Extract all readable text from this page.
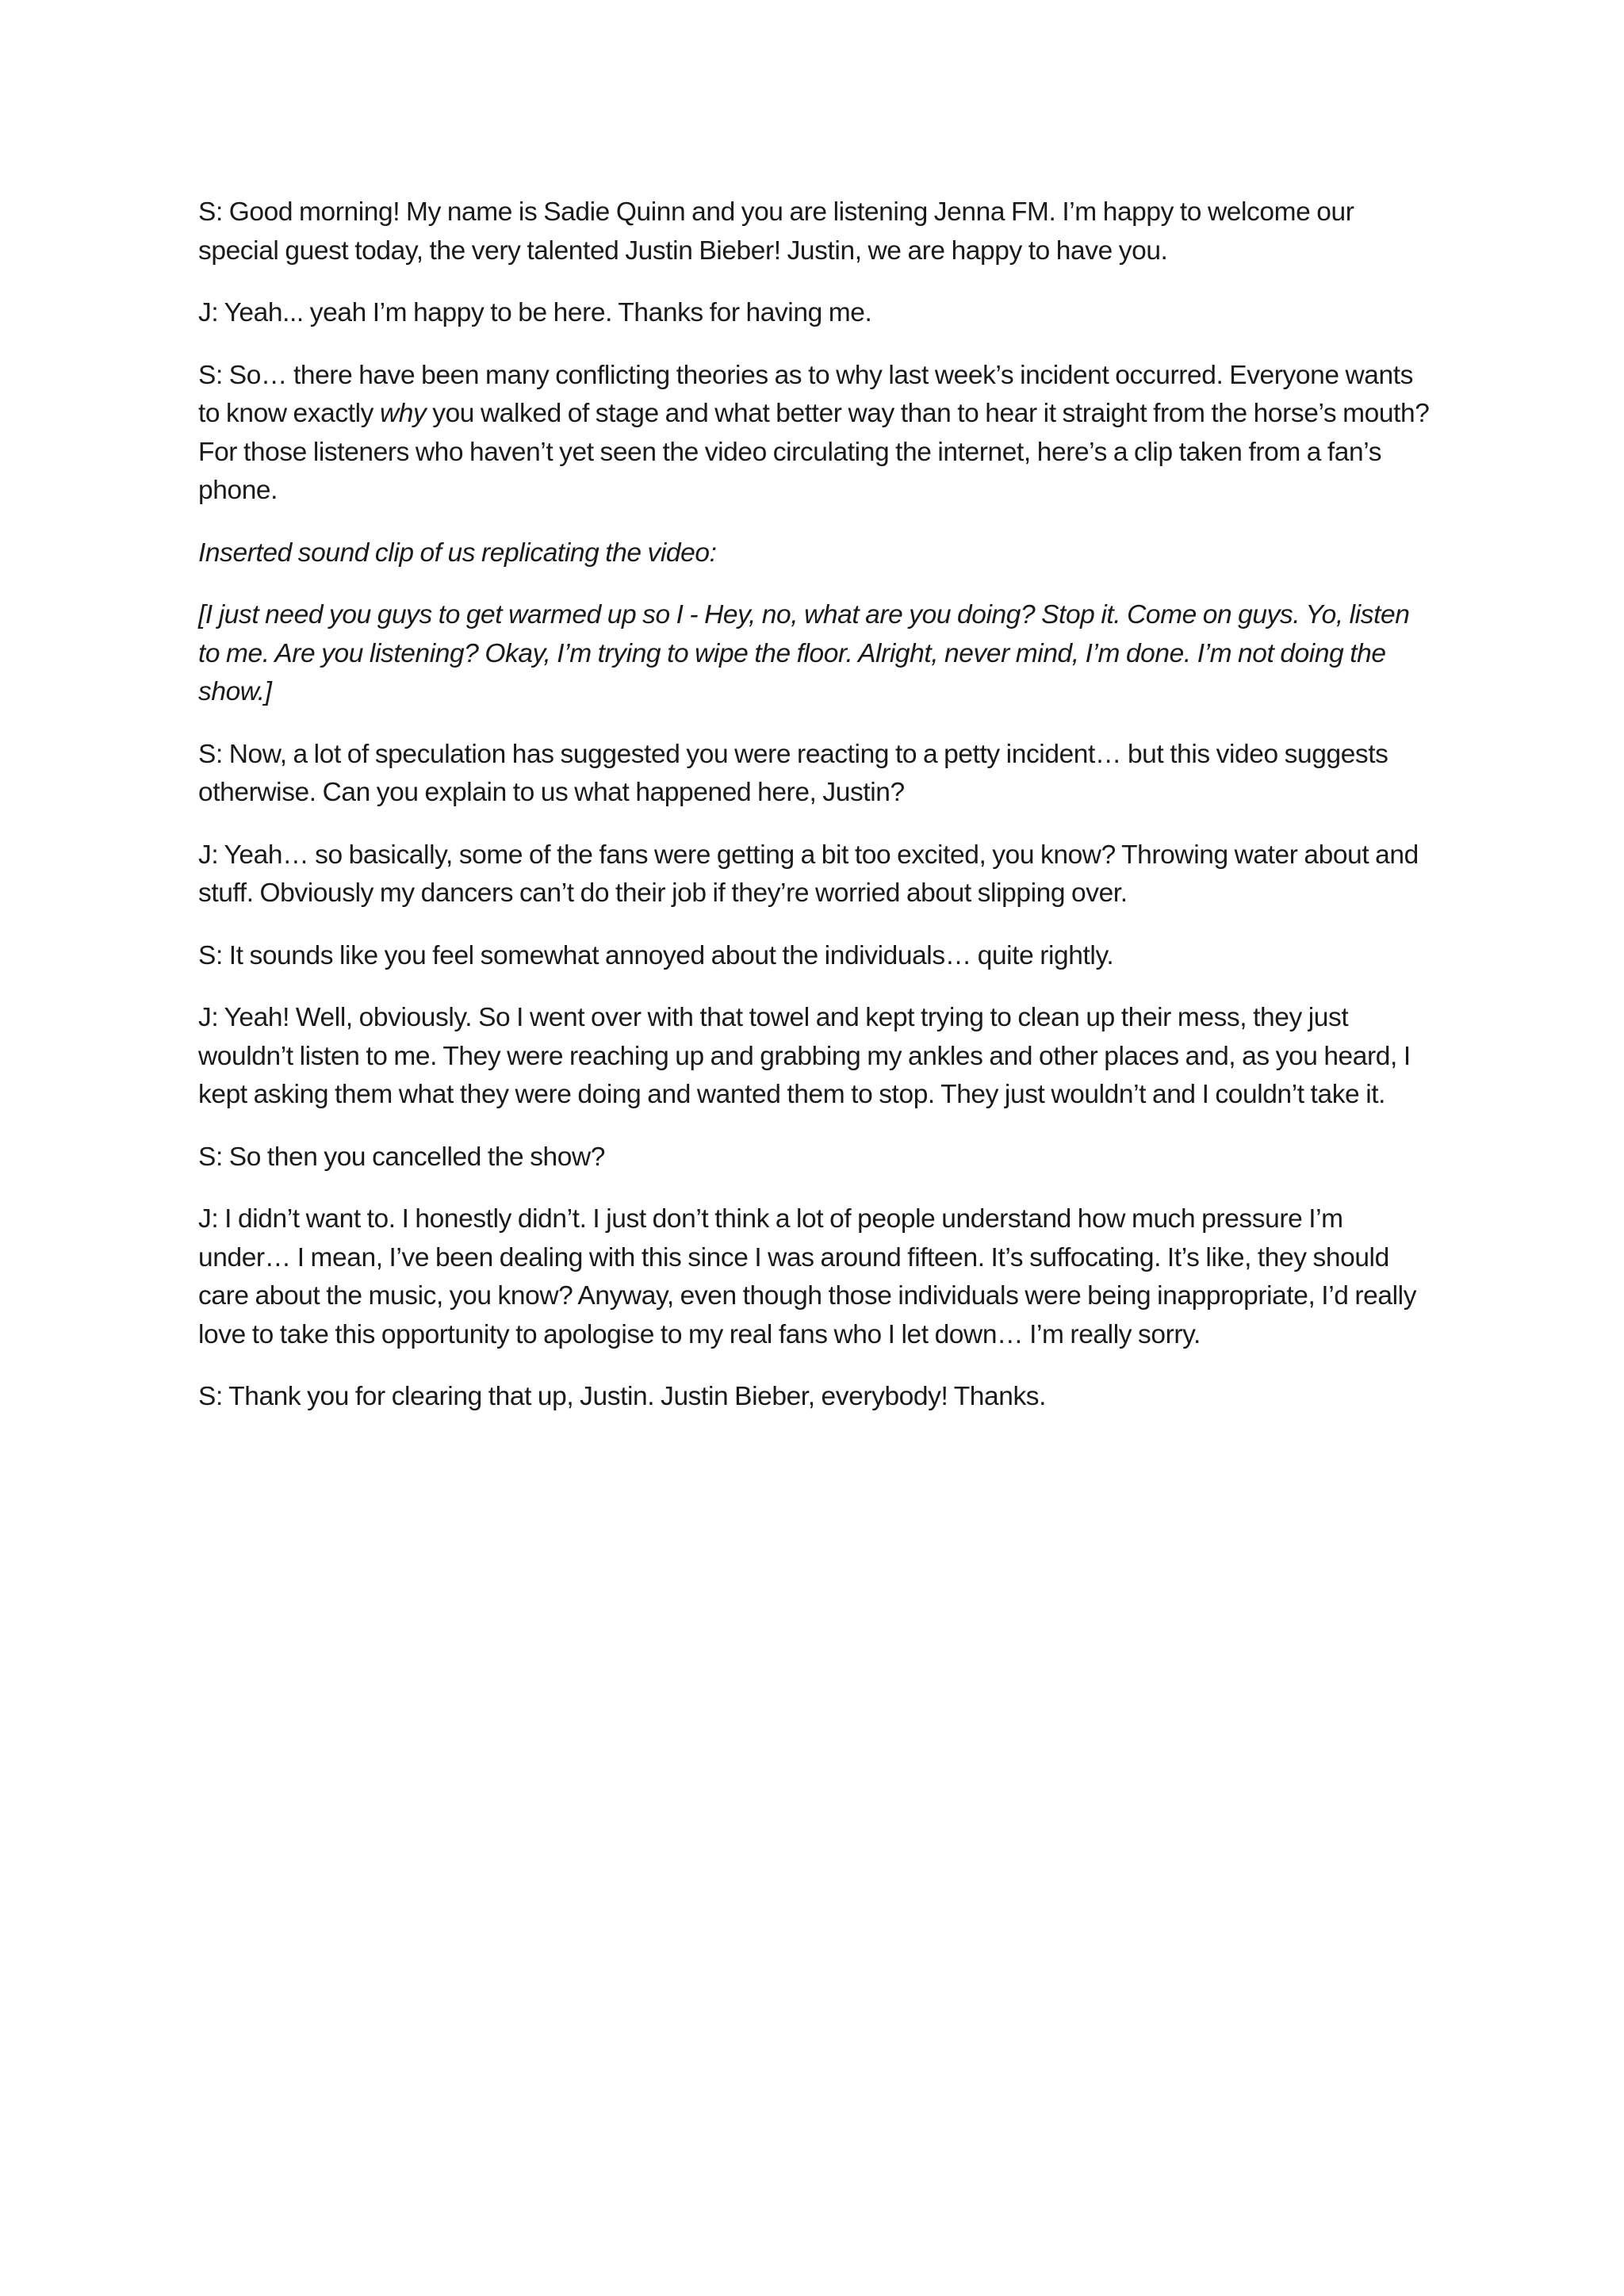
S: Good morning! My name is Sadie Quinn and you are listening Jenna FM. I’m happy to welcome our special guest today, the very talented Justin Bieber! Justin, we are happy to have you.

J: Yeah... yeah I’m happy to be here. Thanks for having me.

S: So… there have been many conflicting theories as to why last week’s incident occurred. Everyone wants to know exactly why you walked of stage and what better way than to hear it straight from the horse’s mouth? For those listeners who haven’t yet seen the video circulating the internet, here’s a clip taken from a fan’s phone.

Inserted sound clip of us replicating the video:

[I just need you guys to get warmed up so I - Hey, no, what are you doing? Stop it. Come on guys. Yo, listen to me. Are you listening? Okay, I’m trying to wipe the floor. Alright, never mind, I’m done. I’m not doing the show.]

S: Now, a lot of speculation has suggested you were reacting to a petty incident… but this video suggests otherwise. Can you explain to us what happened here, Justin?

J: Yeah… so basically, some of the fans were getting a bit too excited, you know? Throwing water about and stuff. Obviously my dancers can’t do their job if they’re worried about slipping over.

S: It sounds like you feel somewhat annoyed about the individuals… quite rightly.

J: Yeah! Well, obviously. So I went over with that towel and kept trying to clean up their mess, they just wouldn’t listen to me. They were reaching up and grabbing my ankles and other places and, as you heard, I kept asking them what they were doing and wanted them to stop. They just wouldn’t and I couldn’t take it.

S: So then you cancelled the show?

J: I didn’t want to. I honestly didn’t. I just don’t think a lot of people understand how much pressure I’m under… I mean, I’ve been dealing with this since I was around fifteen. It’s suffocating. It’s like, they should care about the music, you know? Anyway, even though those individuals were being inappropriate, I’d really love to take this opportunity to apologise to my real fans who I let down… I’m really sorry.

S: Thank you for clearing that up, Justin. Justin Bieber, everybody! Thanks.
